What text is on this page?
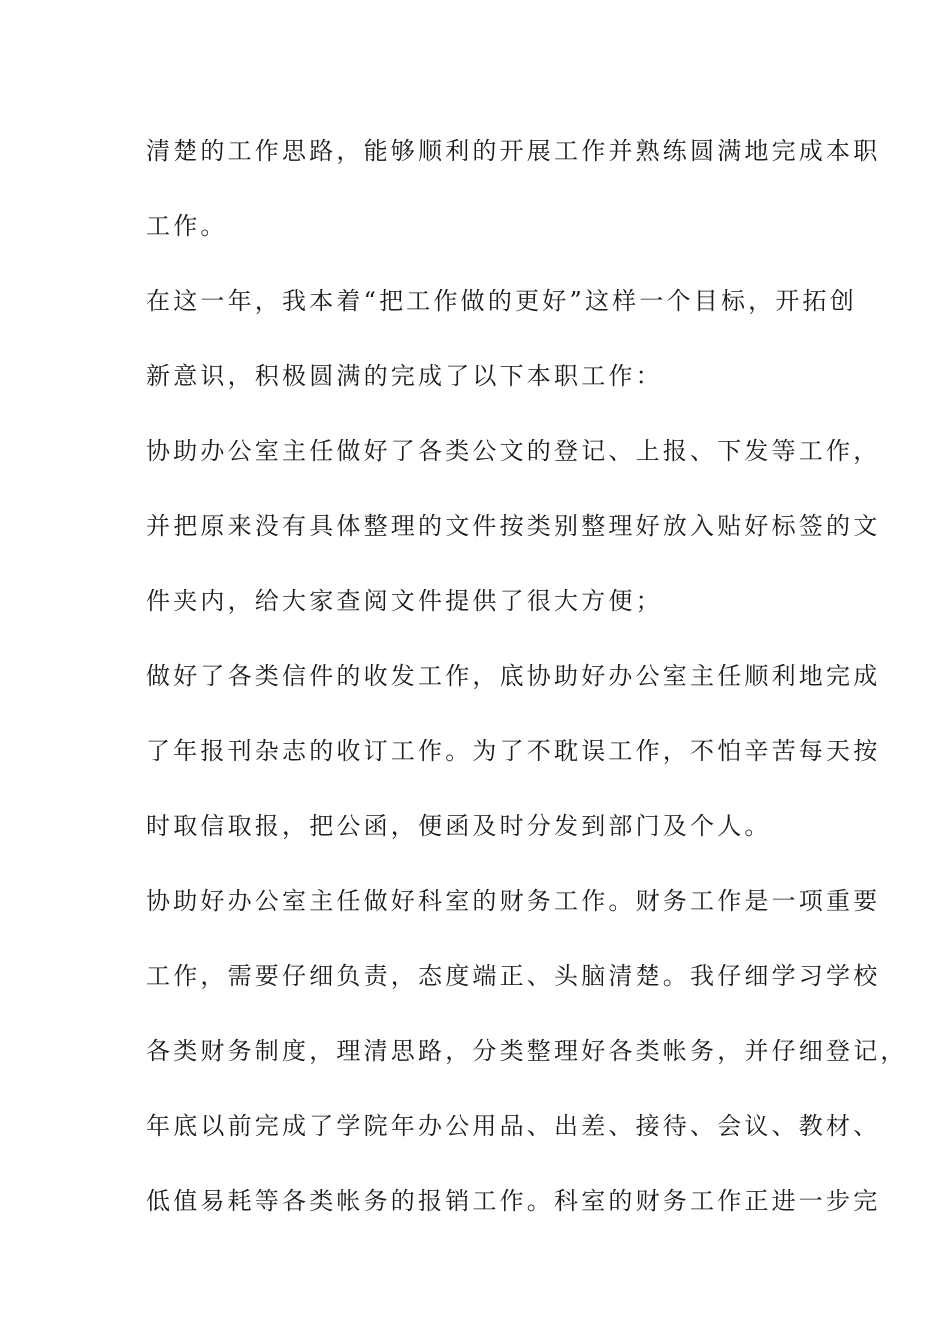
清楚的工作思路，能够顺利的开展工作并熟练圆满地完成本职

工作。

在这一年，我本着“把工作做的更好”这样一个目标，开拓创

新意识，积极圆满的完成了以下本职工作：

协助办公室主任做好了各类公文的登记、上报、下发等工作，

并把原来没有具体整理的文件按类别整理好放入贴好标签的文

件夹内，给大家查阅文件提供了很大方便；

做好了各类信件的收发工作，底协助好办公室主任顺利地完成

了年报刊杂志的收订工作。为了不耽误工作，不怕辛苦每天按

时取信取报，把公函，便函及时分发到部门及个人。

协助好办公室主任做好科室的财务工作。财务工作是一项重要

工作，需要仔细负责，态度端正、头脑清楚。我仔细学习学校

各类财务制度，理清思路，分类整理好各类帐务，并仔细登记，

年底以前完成了学院年办公用品、出差、接待、会议、教材、

低值易耗等各类帐务的报销工作。科室的财务工作正进一步完
